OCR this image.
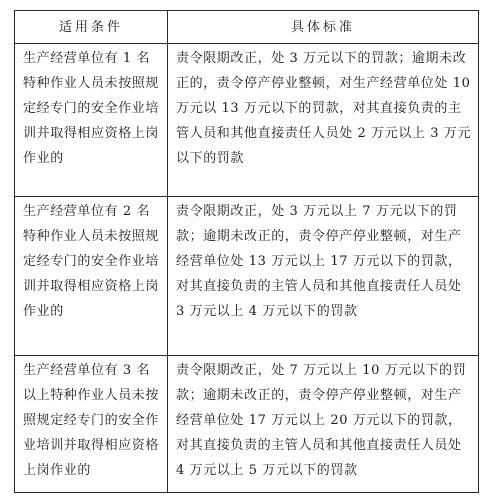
适用条件	具体标准
生产经营单位有 1 名特种作业人员未按照规定经专门的安全作业培训并取得相应资格上岗作业的	责令限期改正，处 3 万元以下的罚款；逾期未改正的，责令停产停业整顿，对生产经营单位处 10 万元以 13 万元以下的罚款，对其直接负责的主管人员和其他直接责任人员处 2 万元以上 3 万元以下的罚款
生产经营单位有 2 名特种作业人员未按照规定经专门的安全作业培训并取得相应资格上岗作业的	责令限期改正，处 3 万元以上 7 万元以下的罚款；逾期未改正的，责令停产停业整顿，对生产经营单位处 13 万元以上 17 万元以下的罚款，对其直接负责的主管人员和其他直接责任人员处 3 万元以上 4 万元以下的罚款
生产经营单位有 3 名以上特种作业人员未按照规定经专门的安全作业培训并取得相应资格上岗作业的	责令限期改正，处 7 万元以上 10 万元以下的罚款；逾期未改正的，责令停产停业整顿，对生产经营单位处 17 万元以上 20 万元以下的罚款，对其直接负责的主管人员和其他直接责任人员处 4 万元以上 5 万元以下的罚款
